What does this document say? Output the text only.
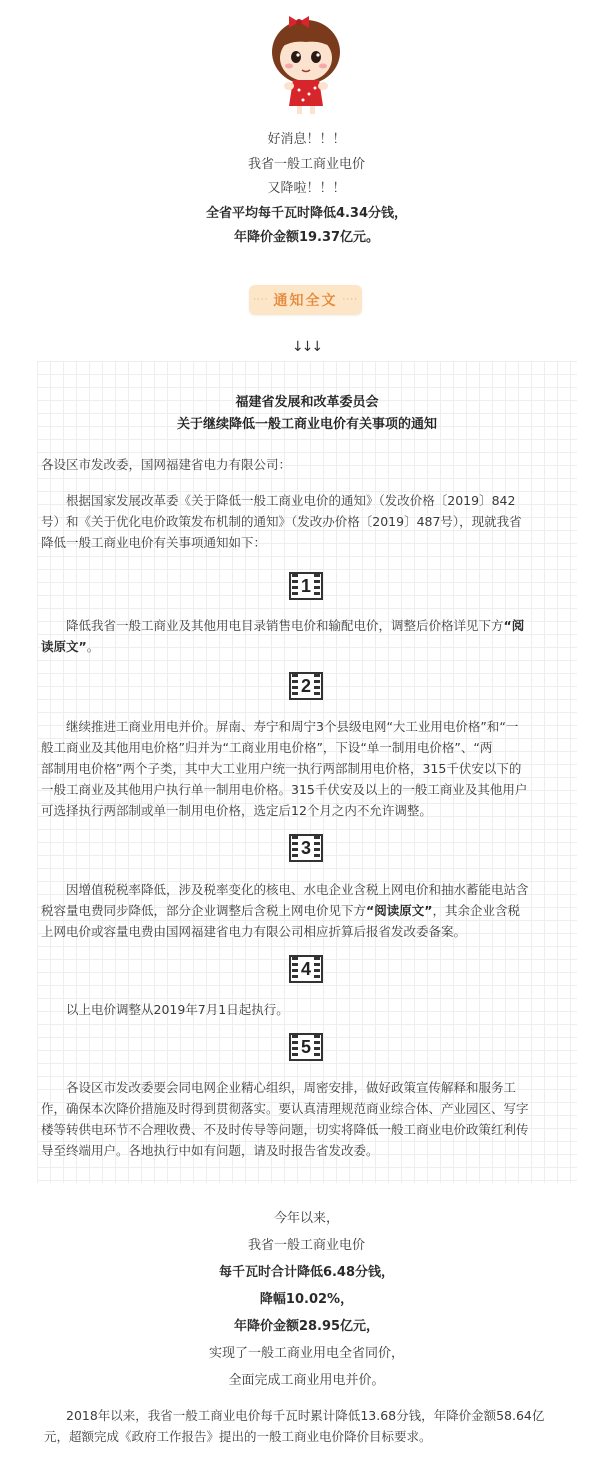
好消息！！！
我省一般工商业电价
又降啦！！！
全省平均每千瓦时降低4.34分钱，
年降价金额19.37亿元。
···· 通知全文 ····
↓↓↓
福建省发展和改革委员会
关于继续降低一般工商业电价有关事项的通知
各设区市发改委，国网福建省电力有限公司：
根据国家发展改革委《关于降低一般工商业电价的通知》（发改价格〔2019〕842
号）和《关于优化电价政策发布机制的通知》（发改办价格〔2019〕487号），现就我省
降低一般工商业电价有关事项通知如下：
1
降低我省一般工商业及其他用电目录销售电价和输配电价，调整后价格详见下方“阅
读原文”。
2
继续推进工商业用电并价。屏南、寿宁和周宁3个县级电网“大工业用电价格”和“一
般工商业及其他用电价格”归并为“工商业用电价格”，下设“单一制用电价格”、“两
部制用电价格”两个子类，其中大工业用户统一执行两部制用电价格，315千伏安以下的
一般工商业及其他用户执行单一制用电价格。315千伏安及以上的一般工商业及其他用户
可选择执行两部制或单一制用电价格，选定后12个月之内不允许调整。
3
因增值税税率降低，涉及税率变化的核电、水电企业含税上网电价和抽水蓄能电站含
税容量电费同步降低，部分企业调整后含税上网电价见下方“阅读原文”，其余企业含税
上网电价或容量电费由国网福建省电力有限公司相应折算后报省发改委备案。
4
以上电价调整从2019年7月1日起执行。
5
各设区市发改委要会同电网企业精心组织，周密安排，做好政策宣传解释和服务工
作，确保本次降价措施及时得到贯彻落实。要认真清理规范商业综合体、产业园区、写字
楼等转供电环节不合理收费、不及时传导等问题，切实将降低一般工商业电价政策红利传
导至终端用户。各地执行中如有问题，请及时报告省发改委。
今年以来，
我省一般工商业电价
每千瓦时合计降低6.48分钱，
降幅10.02%，
年降价金额28.95亿元，
实现了一般工商业用电全省同价，
全面完成工商业用电并价。
2018年以来，我省一般工商业电价每千瓦时累计降低13.68分钱，年降价金额58.64亿
元，超额完成《政府工作报告》提出的一般工商业电价降价目标要求。
